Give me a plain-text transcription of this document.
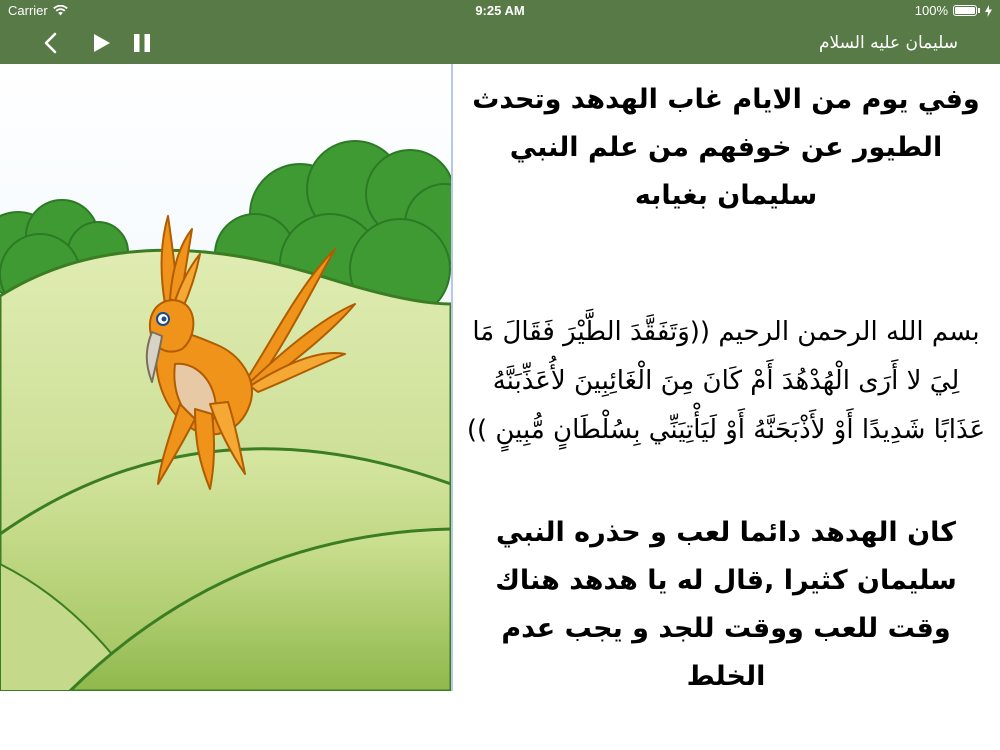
Carrier	9:25 AM	100%
سليمان عليه السلام

وفي يوم من الايام غاب الهدهد وتحدث الطيور عن خوفهم من علم النبي سليمان بغيابه

بسم الله الرحمن الرحيم ((وَتَفَقَّدَ الطَّيْرَ فَقَالَ مَا لِيَ لا أَرَى الْهُدْهُدَ أَمْ كَانَ مِنَ الْغَائِبِينَ لأُعَذِّبَنَّهُ عَذَابًا شَدِيدًا أَوْ لأَذْبَحَنَّهُ أَوْ لَيَأْتِيَنِّي بِسُلْطَانٍ مُّبِينٍ ))

كان الهدهد دائما لعب و حذره النبي سليمان كثيرا ,قال له يا هدهد هناك وقت للعب ووقت للجد و يجب عدم الخلط
